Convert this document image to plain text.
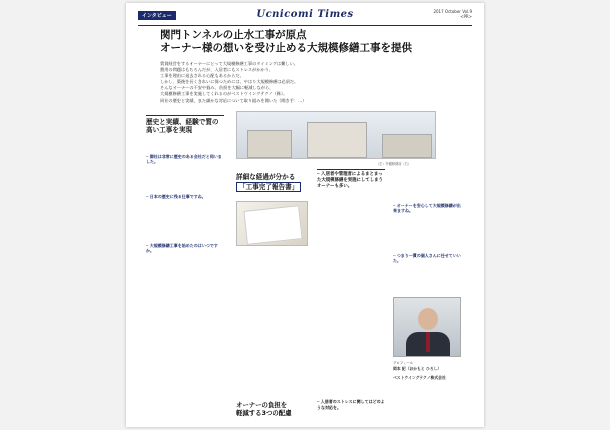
インタビュー	Ucnicomi Times	2017 October Vol.9
<PR>
関門トンネルの止水工事が原点
オーナー様の想いを受け止める大規模修繕工事を提供

賃貸経営をするオーナーにとって大規模修繕工事のタイミングは難しい。

費用の問題はもちろんだが、入居者にもストレスがかかり、

工事を理由に退去される心配もあるからだ。

しかし、築後を長くきれいに保つためには、やはり大規模修繕は必須だ。

そんなオーナーの不安や悩み、負担を大幅に軽減しながら、

大規模修繕工事を実施してくれるのがベストウイングテクノ（株）。

同社の歴史と実績、また細かな対応について取り組みを聞いた（聞き手：…）

歴史と実績、経験で質の高い工事を実現
─ 御社は非常に歴史のある会社だと伺いました。
─ 日本の歴史に残る仕事ですね。
─ 大規模修繕工事を始めたのはいつですか。
（左）外観修繕前（右）
詳細な経過が分かる
「工事完了報告書」
オーナーの負担を
軽減する3つの配慮
─ 入居者や管理者によるまとまった大規模修繕を実施にしてしまうオーナーも多い。
─ 入居者のストレスに関してはどのような対応を。
─ オーナーを安心して大規模修繕が出来ますね。
─ つまり一貫の個人さんに任せていいた。
プロフィール
岡本 紀（おかもと ひろし）
ベストウイングテクノ株式会社
